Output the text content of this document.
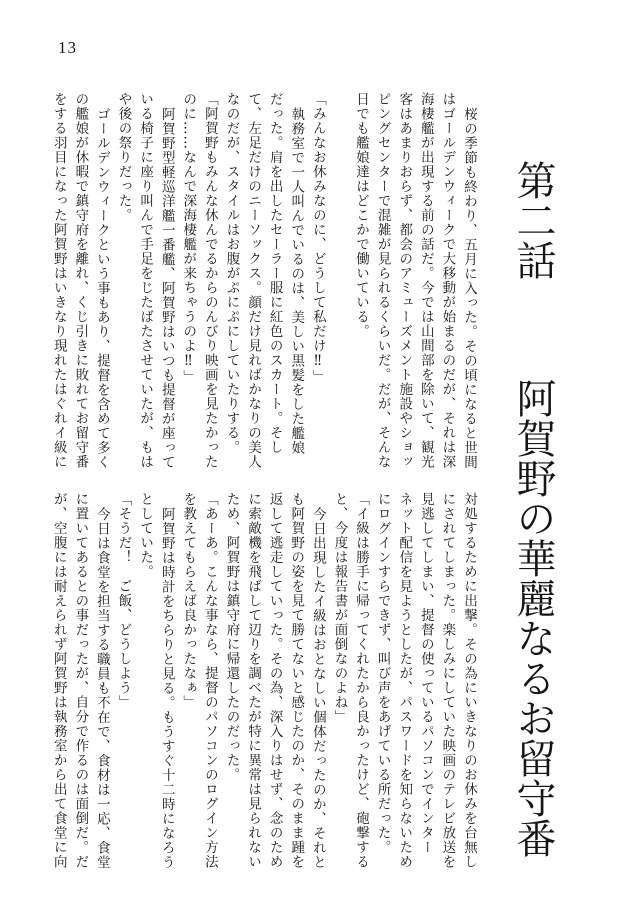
13
第二話
阿賀野の華麗なるお留守番
桜の季節も終わり、五月に入った。その頃になると世間
はゴールデンウィークで大移動が始まるのだが、それは深
海棲艦が出現する前の話だ。今では山間部を除いて、観光
客はあまりおらず、都会のアミューズメント施設やショッ
ピングセンターで混雑が見られるくらいだ。だが、そんな
日でも艦娘達はどこかで働いている。
「みんなお休みなのに、どうして私だけ‼」
執務室で一人叫んでいるのは、美しい黒髪をした艦娘
だった。肩を出したセーラー服に紅色のスカート。そし
て、左足だけのニーソックス。顔だけ見ればかなりの美人
なのだが、スタイルはお腹がぷにぷにしていたりする。
「阿賀野もみんな休んでるからのんびり映画を見たかった
のに……なんで深海棲艦が来ちゃうのよ‼」
阿賀野型軽巡洋艦一番艦、阿賀野はいつも提督が座って
いる椅子に座り叫んで手足をじたばたさせていたが、もは
や後の祭りだった。
ゴールデンウィークという事もあり、提督を含めて多く
の艦娘が休暇で鎮守府を離れ、くじ引きに敗れてお留守番
をする羽目になった阿賀野はいきなり現れたはぐれイ級に
対処するために出撃。その為にいきなりのお休みを台無し
にされてしまった。楽しみにしていた映画のテレビ放送を
見逃してしまい、提督の使っているパソコンでインター
ネット配信を見ようとしたが、パスワードを知らないため
にログインすらできず、叫び声をあげている所だった。
「イ級は勝手に帰ってくれたから良かったけど、砲撃する
と、今度は報告書が面倒なのよね」
今日出現したイ級はおとなしい個体だったのか、それと
も阿賀野の姿を見て勝てないと感じたのか、そのまま踵を
返して逃走していった。その為、深入りはせず、念のため
に索敵機を飛ばして辺りを調べたが特に異常は見られない
ため、阿賀野は鎮守府に帰還したのだった。
「あーあ。こんな事なら、提督のパソコンのログイン方法
を教えてもらえば良かったなぁ」
阿賀野は時計をちらりと見る。もうすぐ十二時になろう
としていた。
「そうだ！　ご飯、どうしよう」
今日は食堂を担当する職員も不在で、食材は一応、食堂
に置いてあるとの事だったが、自分で作るのは面倒だ。だ
が、空腹には耐えられず阿賀野は執務室から出て食堂に向
